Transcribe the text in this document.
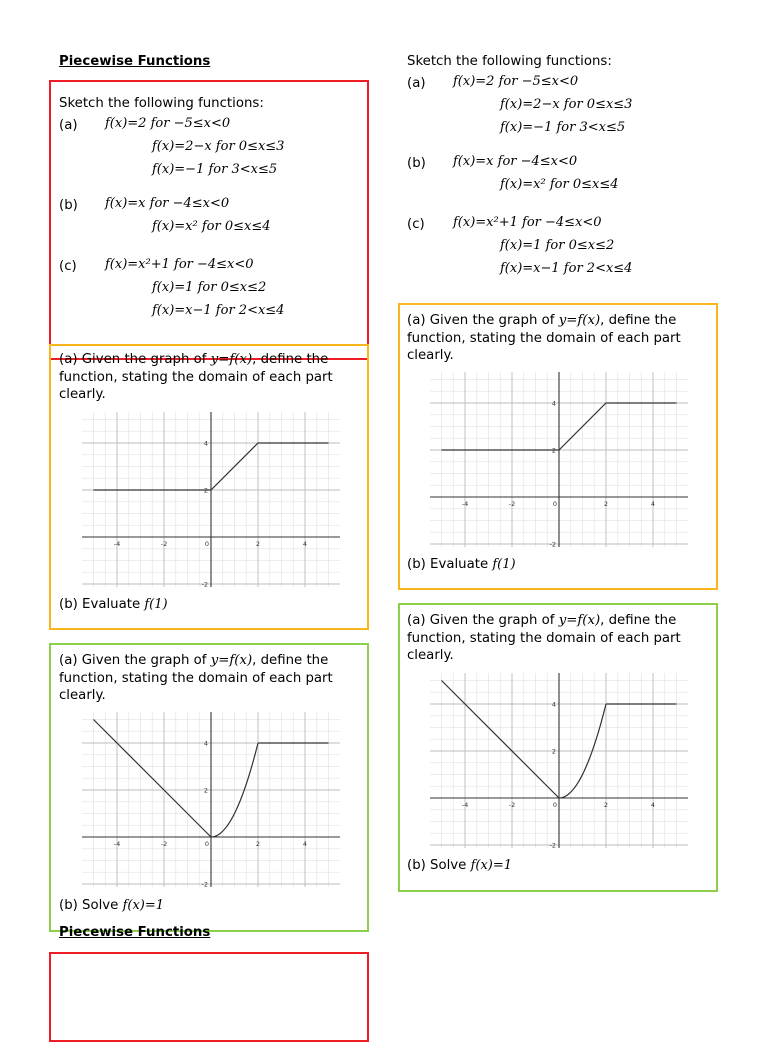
Piecewise Functions
Sketch the following functions:
(a) f(x)=2 for −5≤x<0
f(x)=2−x for 0≤x≤3
f(x)=−1 for 3<x≤5
(b) f(x)=x for −4≤x<0
f(x)=x² for 0≤x≤4
(c) f(x)=x²+1 for −4≤x<0
f(x)=1 for 0≤x≤2
f(x)=x−1 for 2<x≤4
(a) Given the graph of y=f(x), define the function, stating the domain of each part clearly.
-4	-2	0	2	4
4
2
-2
(b) Evaluate f(1)
(a) Given the graph of y=f(x), define the function, stating the domain of each part clearly.
-4	-2	0	2	4
4
2
-2
(b) Solve f(x)=1
Piecewise Functions
Sketch the following functions:
(a) f(x)=2 for −5≤x<0
f(x)=2−x for 0≤x≤3
f(x)=−1 for 3<x≤5
(b) f(x)=x for −4≤x<0
f(x)=x² for 0≤x≤4
(c) f(x)=x²+1 for −4≤x<0
f(x)=1 for 0≤x≤2
f(x)=x−1 for 2<x≤4
(a) Given the graph of y=f(x), define the function, stating the domain of each part clearly.
-4	-2	0	2	4
4
2
-2
(b) Evaluate f(1)
(a) Given the graph of y=f(x), define the function, stating the domain of each part clearly.
-4	-2	0	2	4
4
2
-2
(b) Solve f(x)=1
